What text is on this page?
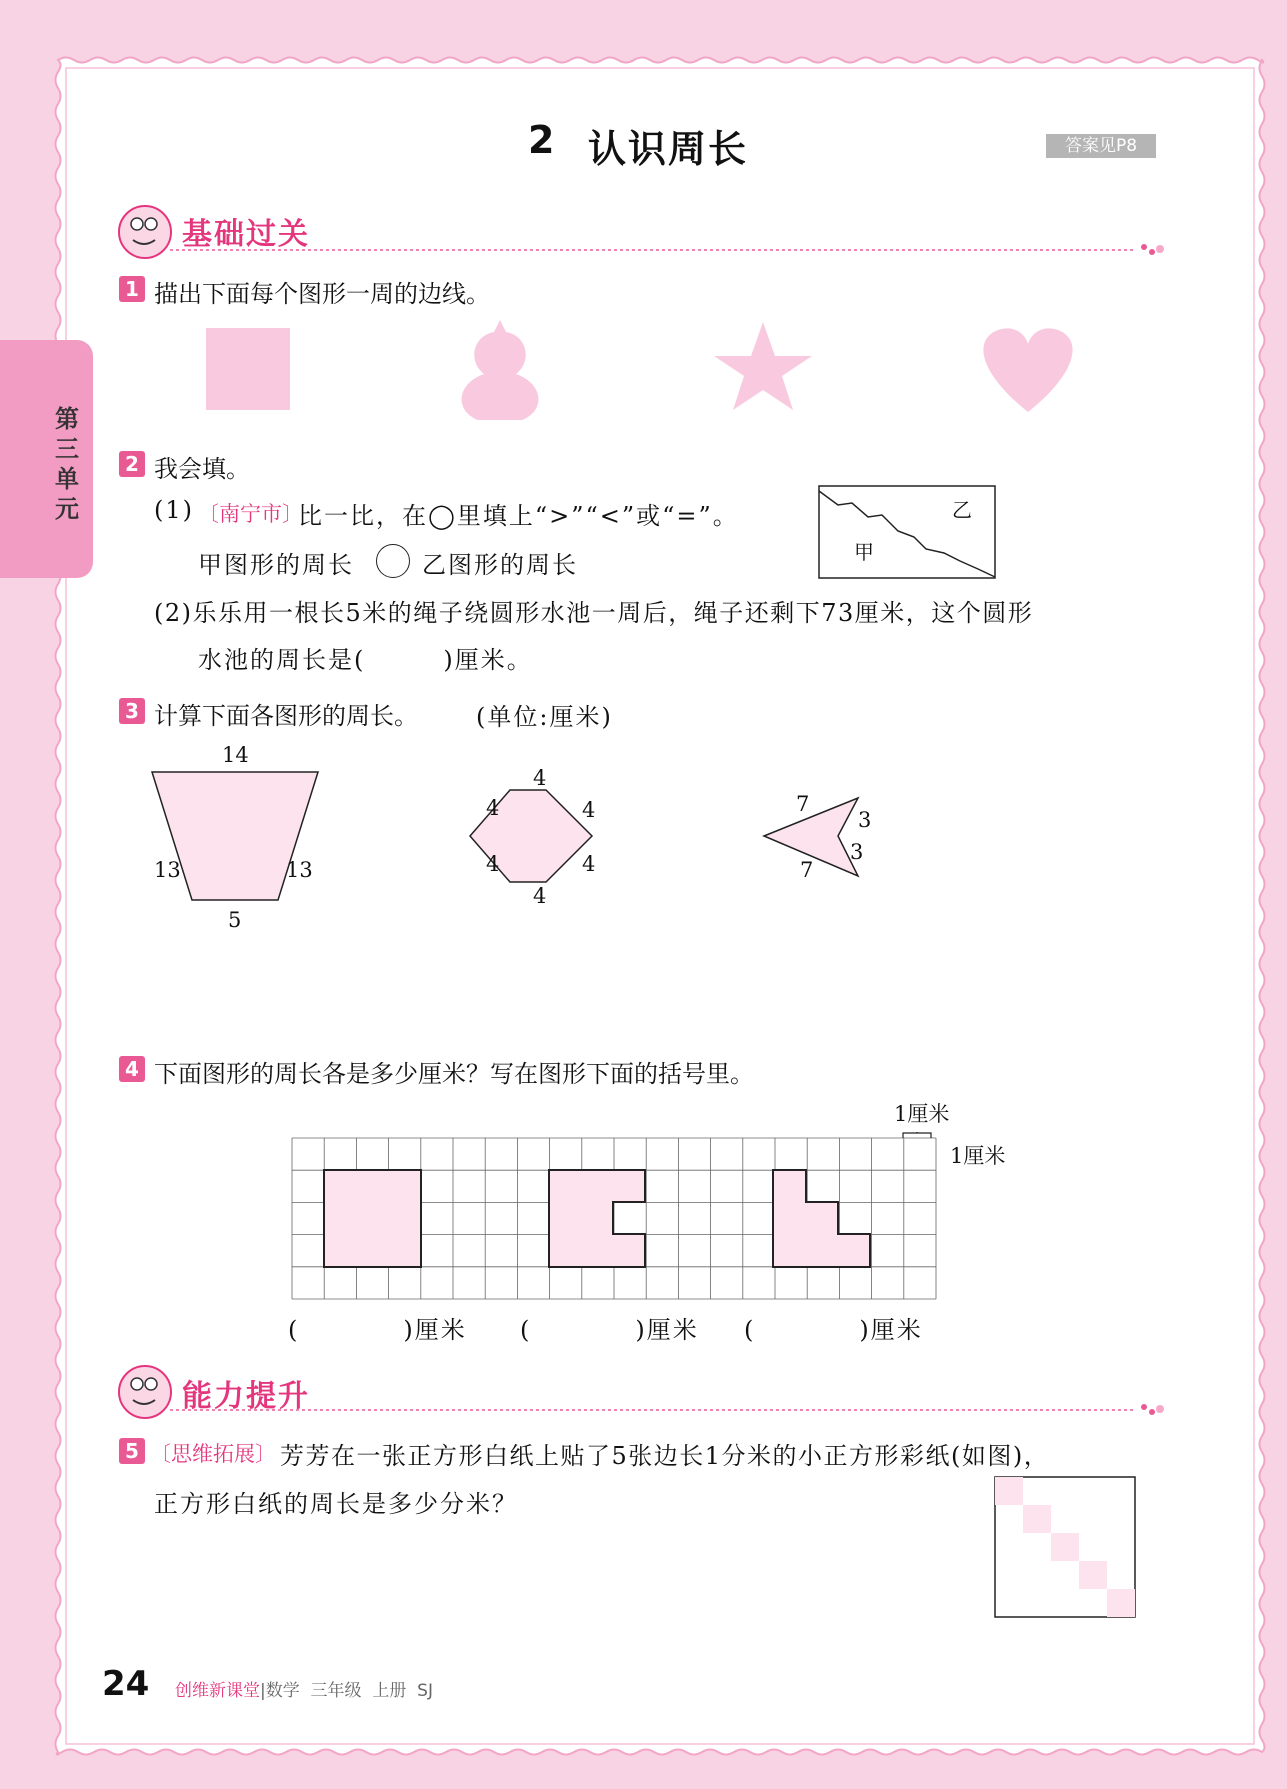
第三单元
2 认识周长	答案见P8
基础过关
1 描出下面每个图形一周的边线。
2 我会填。
(1) 〔南宁市〕
比一比，在◯里填上“>”“<”或“=”。
甲图形的周长	乙图形的周长	甲
乙
(2)乐乐用一根长5米的绳子绕圆形水池一周后，绳子还剩下73厘米，这个圆形
水池的周长是(　　　)厘米。
3 计算下面各图形的周长。 (单位:厘米)
14
13	13
5
4
4	4
4	4
4
7
3
3
7
4 下面图形的周长各是多少厘米？写在图形下面的括号里。
1厘米
1厘米
(　　　　)厘米 (　　　　)厘米 (　　　　)厘米
能力提升
5 〔思维拓展〕 芳芳在一张正方形白纸上贴了5张边长1分米的小正方形彩纸(如图)，
正方形白纸的周长是多少分米？
24 创维新课堂|数学 三年级 上册 SJ
